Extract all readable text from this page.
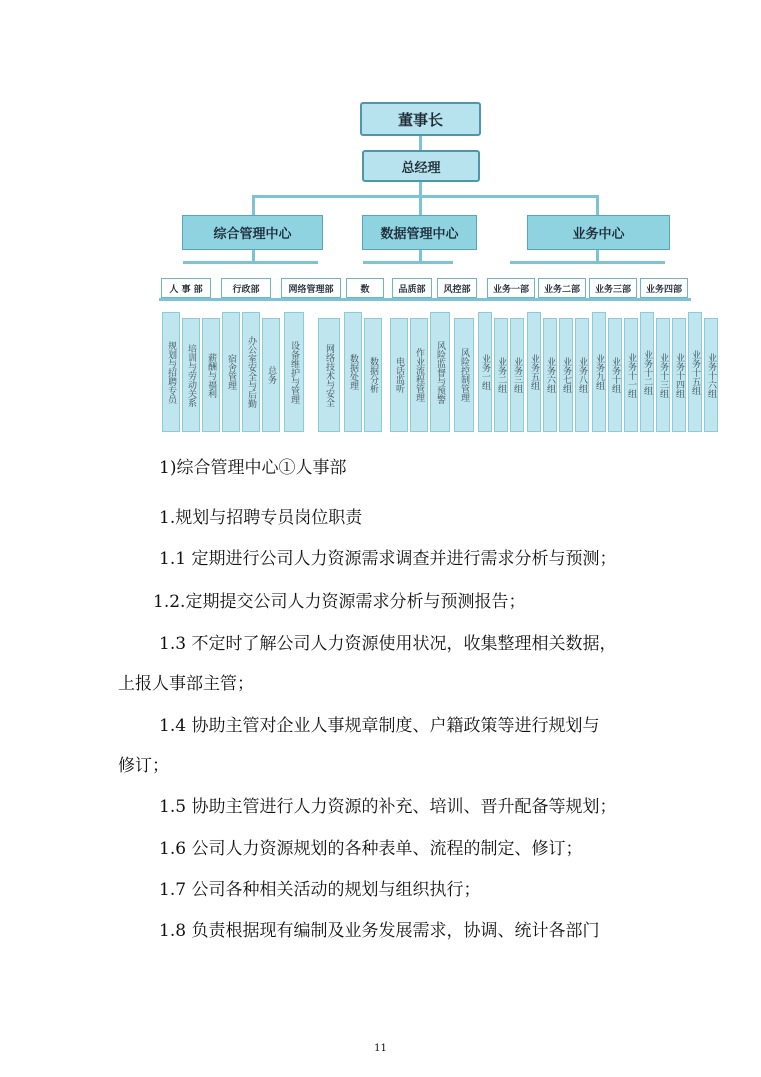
董事长
总经理
综合管理中心	数据管理中心	业务中心
人 事 部	行政部	网络管理部	数	品质部	风控部	业务一部	业务二部	业务三部	业务四部
规划与招聘专员	培训与劳动关系	薪酬与福利	宿舍管理	办公室安全与后勤	总务	设备维护与管理	网络技术与安全	数据处理	数据分析	电话监听	作业流程管理	风险监督与预警	风险控制管理	业务一组 业务二组 业务三组 业务五组 业务六组 业务七组 业务八组 业务九组 业务十组 业务十一组 业务十二组 业务十三组 业务十四组 业务十五组 业务十六组
1)综合管理中心①人事部
1.规划与招聘专员岗位职责
1.1 定期进行公司人力资源需求调查并进行需求分析与预测；
1.2.定期提交公司人力资源需求分析与预测报告；
1.3 不定时了解公司人力资源使用状况，收集整理相关数据，
上报人事部主管；
1.4 协助主管对企业人事规章制度、户籍政策等进行规划与
修订；
1.5 协助主管进行人力资源的补充、培训、晋升配备等规划；
1.6 公司人力资源规划的各种表单、流程的制定、修订；
1.7 公司各种相关活动的规划与组织执行；
1.8 负责根据现有编制及业务发展需求，协调、统计各部门
11
